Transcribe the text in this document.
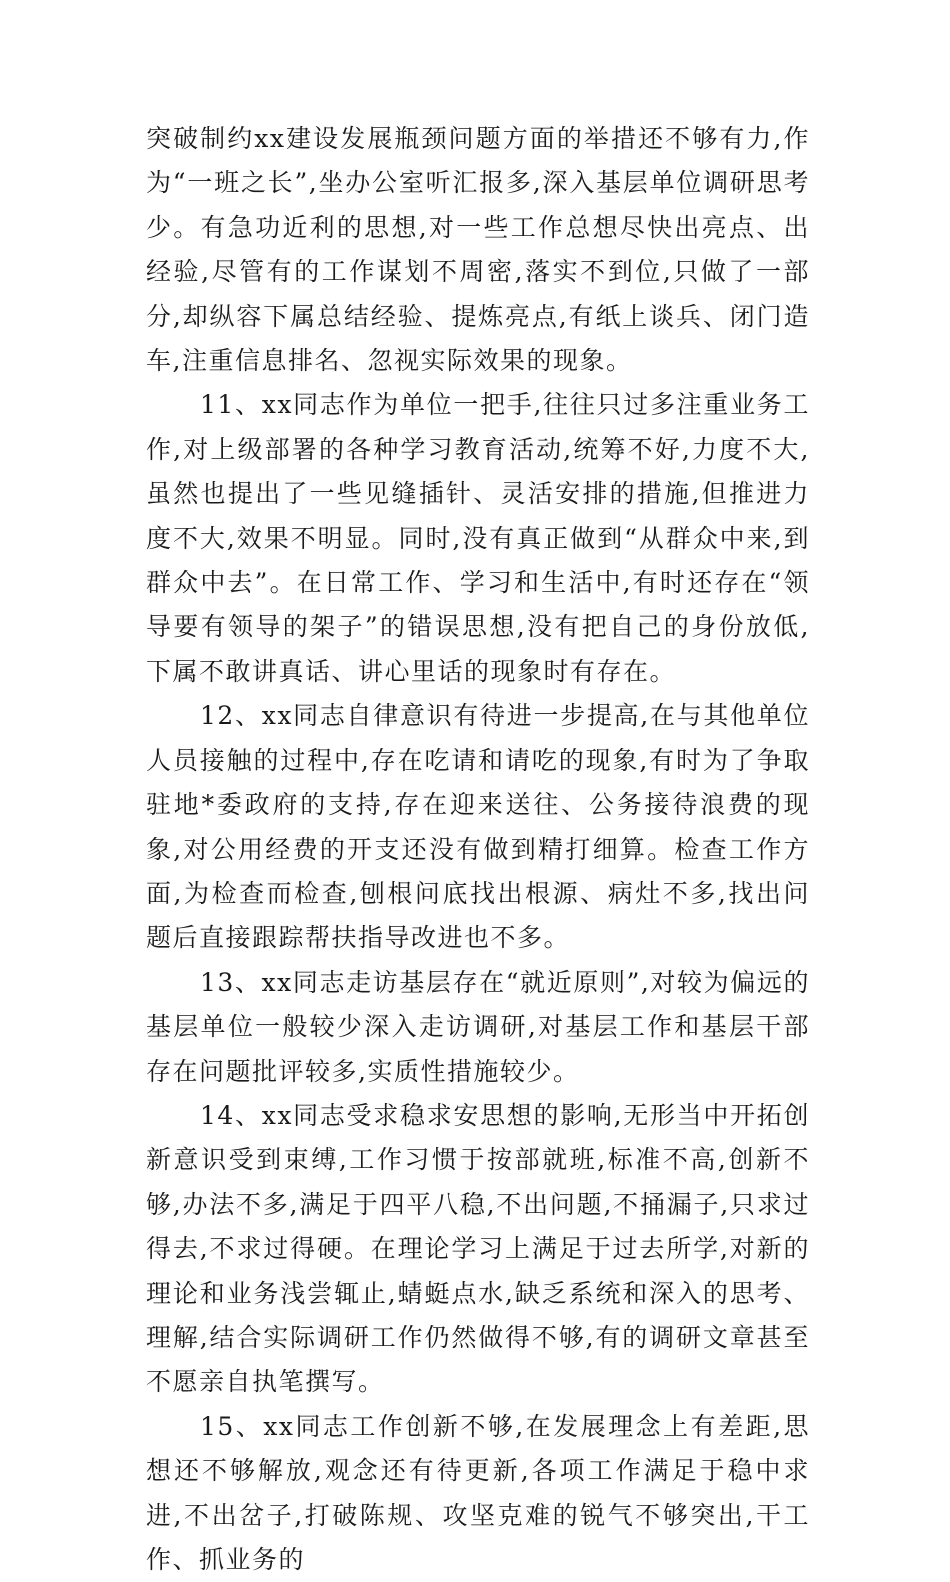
突破制约xx建设发展瓶颈问题方面的举措还不够有力,作为“一班之长”,坐办公室听汇报多,深入基层单位调研思考少。有急功近利的思想,对一些工作总想尽快出亮点、出经验,尽管有的工作谋划不周密,落实不到位,只做了一部分,却纵容下属总结经验、提炼亮点,有纸上谈兵、闭门造车,注重信息排名、忽视实际效果的现象。

11、xx同志作为单位一把手,往往只过多注重业务工作,对上级部署的各种学习教育活动,统筹不好,力度不大,虽然也提出了一些见缝插针、灵活安排的措施,但推进力度不大,效果不明显。同时,没有真正做到“从群众中来,到群众中去”。在日常工作、学习和生活中,有时还存在“领导要有领导的架子”的错误思想,没有把自己的身份放低,下属不敢讲真话、讲心里话的现象时有存在。

12、xx同志自律意识有待进一步提高,在与其他单位人员接触的过程中,存在吃请和请吃的现象,有时为了争取驻地*委政府的支持,存在迎来送往、公务接待浪费的现象,对公用经费的开支还没有做到精打细算。检查工作方面,为检查而检查,刨根问底找出根源、病灶不多,找出问题后直接跟踪帮扶指导改进也不多。

13、xx同志走访基层存在“就近原则”,对较为偏远的基层单位一般较少深入走访调研,对基层工作和基层干部存在问题批评较多,实质性措施较少。

14、xx同志受求稳求安思想的影响,无形当中开拓创新意识受到束缚,工作习惯于按部就班,标准不高,创新不够,办法不多,满足于四平八稳,不出问题,不捅漏子,只求过得去,不求过得硬。在理论学习上满足于过去所学,对新的理论和业务浅尝辄止,蜻蜓点水,缺乏系统和深入的思考、理解,结合实际调研工作仍然做得不够,有的调研文章甚至不愿亲自执笔撰写。

15、xx同志工作创新不够,在发展理念上有差距,思想还不够解放,观念还有待更新,各项工作满足于稳中求进,不出岔子,打破陈规、攻坚克难的锐气不够突出,干工作、抓业务的
